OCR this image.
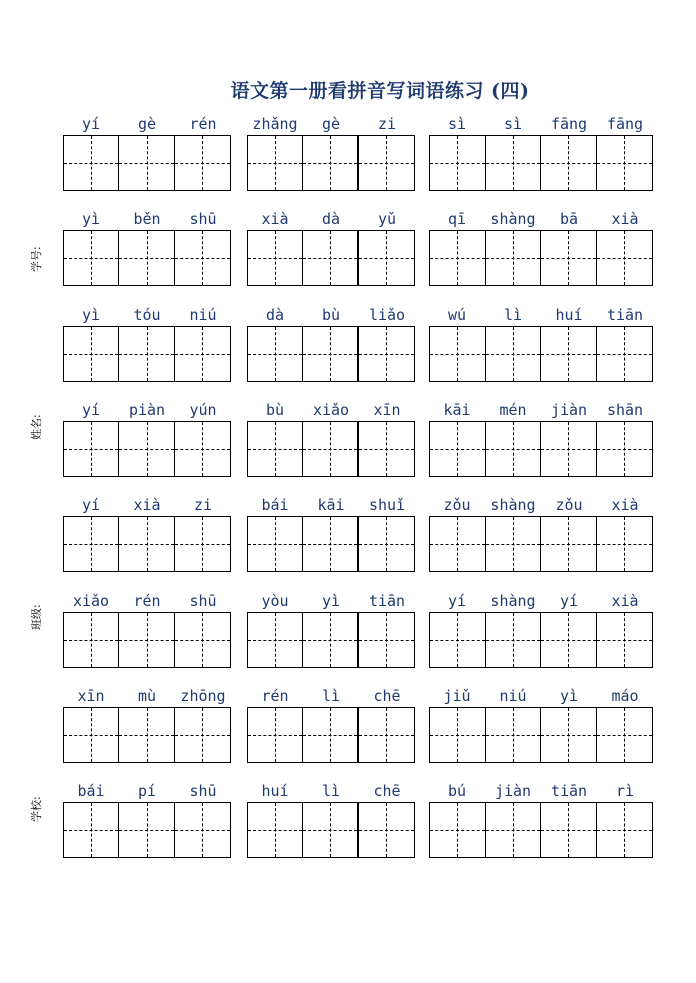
语文第一册看拼音写词语练习 (四)
学号:
姓名:
班级:
学校:
yí	gè	rén	zhǎng	gè	zi	sì	sì	fāng	fāng
yì	běn	shū	xià	dà	yǔ	qī	shàng	bā	xià
yì	tóu	niú	dà	bù	liǎo	wú	lì	huí	tiān
yí	piàn	yún	bù	xiǎo	xīn	kāi	mén	jiàn	shān
yí	xià	zi	bái	kāi	shuǐ	zǒu	shàng	zǒu	xià
xiǎo	rén	shū	yòu	yì	tiān	yí	shàng	yí	xià
xīn	mù	zhōng	rén	lì	chē	jiǔ	niú	yì	máo
bái	pí	shū	huí	lì	chē	bú	jiàn	tiān	rì
